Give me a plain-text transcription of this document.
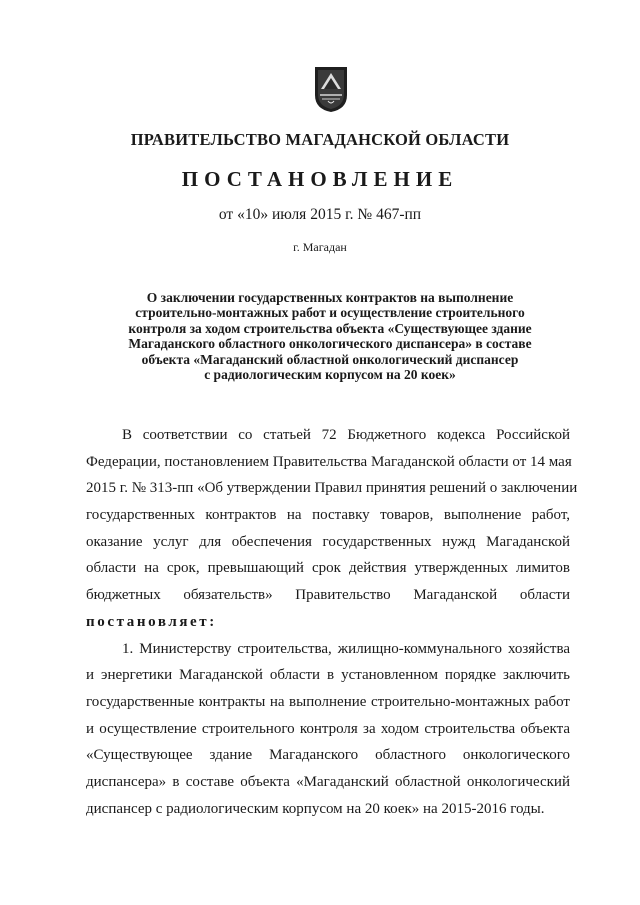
ПРАВИТЕЛЬСТВО МАГАДАНСКОЙ ОБЛАСТИ
ПОСТАНОВЛЕНИЕ
от «10» июля 2015 г. № 467-пп
г. Магадан
О заключении государственных контрактов на выполнение
строительно-монтажных работ и осуществление строительного
контроля за ходом строительства объекта «Существующее здание
Магаданского областного онкологического диспансера» в составе
объекта «Магаданский областной онкологический диспансер
с радиологическим корпусом на 20 коек»
В соответствии со статьей 72 Бюджетного кодекса Российской
Федерации, постановлением Правительства Магаданской области от 14 мая
2015 г. № 313-пп «Об утверждении Правил принятия решений о заключении
государственных контрактов на поставку товаров, выполнение работ,
оказание услуг для обеспечения государственных нужд Магаданской
области на срок, превышающий срок действия утвержденных лимитов
бюджетных обязательств» Правительство Магаданской области
постановляет:
1. Министерству строительства, жилищно-коммунального хозяйства
и энергетики Магаданской области в установленном порядке заключить
государственные контракты на выполнение строительно-монтажных работ
и осуществление строительного контроля за ходом строительства объекта
«Существующее здание Магаданского областного онкологического
диспансера» в составе объекта «Магаданский областной онкологический
диспансер с радиологическим корпусом на 20 коек» на 2015-2016 годы.
